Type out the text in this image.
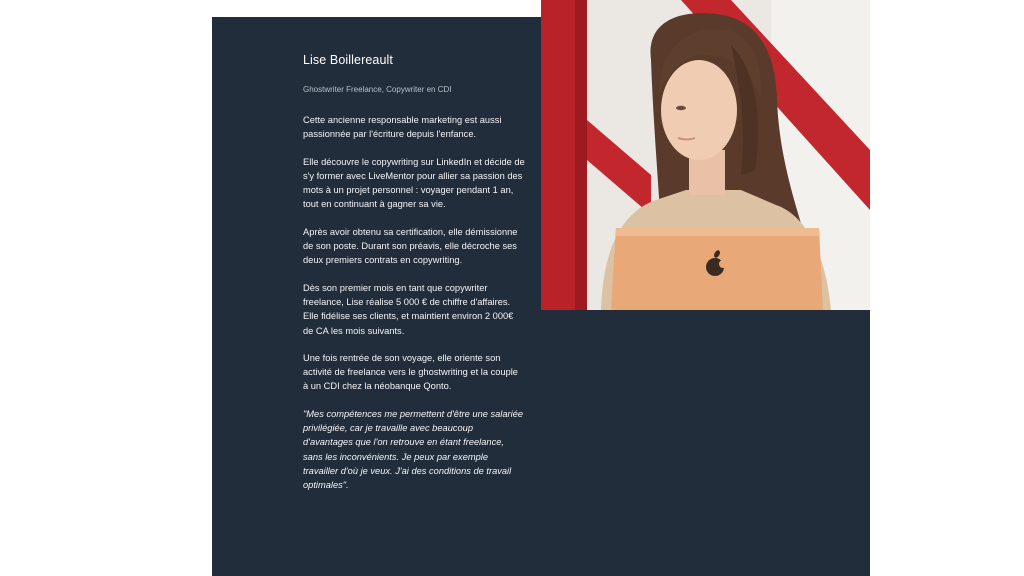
Lise Boillereault

Ghostwriter Freelance, Copywriter en CDI

Cette ancienne responsable marketing est aussi passionnée par l'écriture depuis l'enfance.

Elle découvre le copywriting sur LinkedIn et décide de s'y former avec LiveMentor pour allier sa passion des mots à un projet personnel : voyager pendant 1 an, tout en continuant à gagner sa vie.

Après avoir obtenu sa certification, elle démissionne de son poste. Durant son préavis, elle décroche ses deux premiers contrats en copywriting.

Dès son premier mois en tant que copywriter freelance, Lise réalise 5 000 € de chiffre d'affaires. Elle fidélise ses clients, et maintient environ 2 000€ de CA les mois suivants.

Une fois rentrée de son voyage, elle oriente son activité de freelance vers le ghostwriting et la couple à un CDI chez la néobanque Qonto.

"Mes compétences me permettent d'être une salariée privilégiée, car je travaille avec beaucoup d'avantages que l'on retrouve en étant freelance, sans les inconvénients. Je peux par exemple travailler d'où je veux. J'ai des conditions de travail optimales".
